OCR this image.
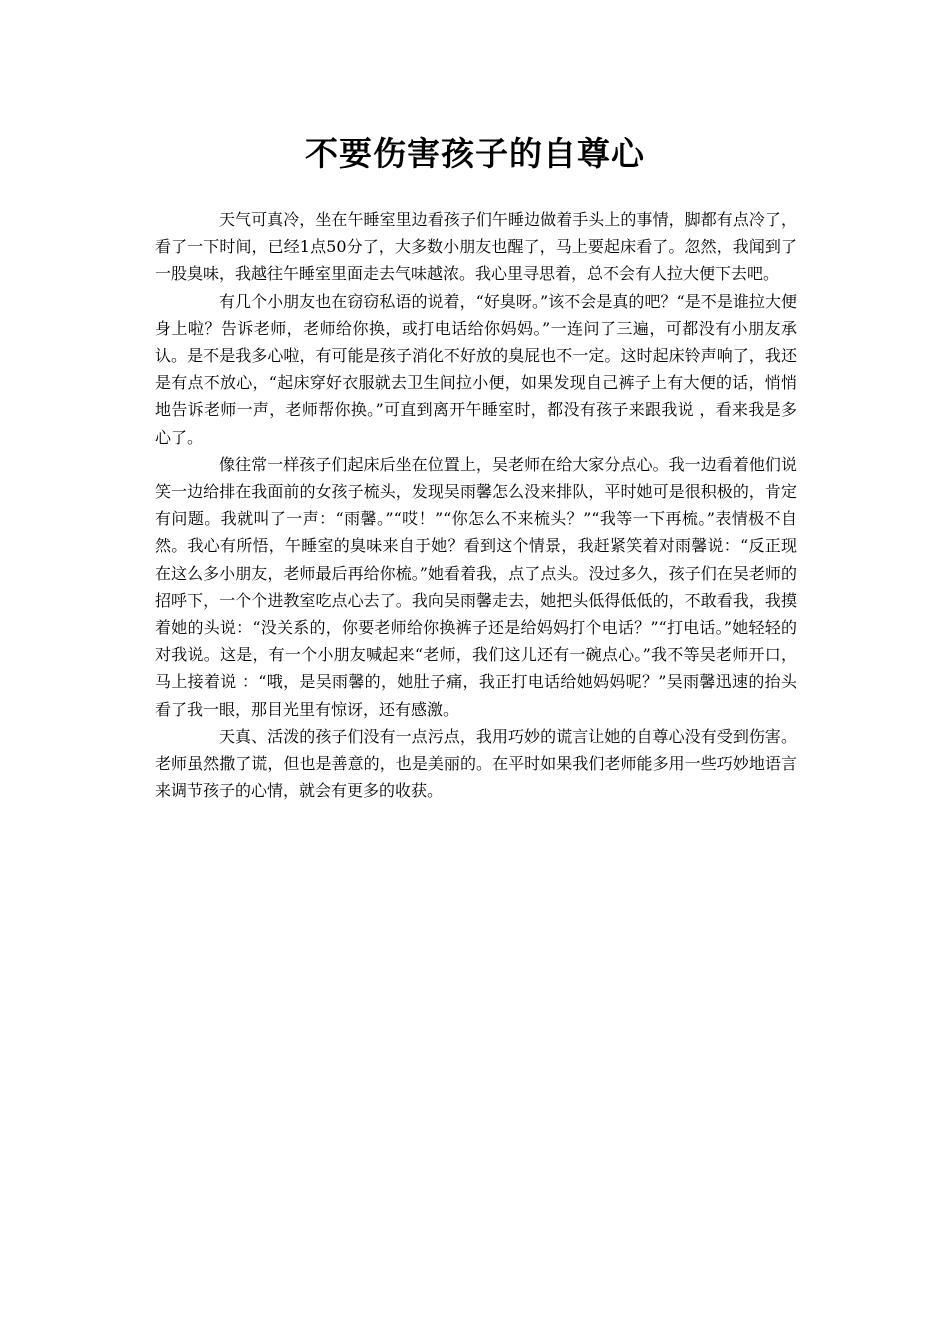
不要伤害孩子的自尊心

天气可真冷，坐在午睡室里边看孩子们午睡边做着手头上的事情，脚都有点冷了，看了一下时间，已经1点50分了，大多数小朋友也醒了，马上要起床看了。忽然，我闻到了一股臭味，我越往午睡室里面走去气味越浓。我心里寻思着，总不会有人拉大便下去吧。

有几个小朋友也在窃窃私语的说着，“好臭呀。”该不会是真的吧？“是不是谁拉大便身上啦？告诉老师，老师给你换，或打电话给你妈妈。”一连问了三遍，可都没有小朋友承认。是不是我多心啦，有可能是孩子消化不好放的臭屁也不一定。这时起床铃声响了，我还是有点不放心，“起床穿好衣服就去卫生间拉小便，如果发现自己裤子上有大便的话，悄悄地告诉老师一声，老师帮你换。”可直到离开午睡室时，都没有孩子来跟我说 ，看来我是多心了。

像往常一样孩子们起床后坐在位置上，吴老师在给大家分点心。我一边看着他们说笑一边给排在我面前的女孩子梳头，发现吴雨馨怎么没来排队，平时她可是很积极的，肯定有问题。我就叫了一声：“雨馨。”“哎！”“你怎么不来梳头？”“我等一下再梳。”表情极不自然。我心有所悟，午睡室的臭味来自于她？看到这个情景，我赶紧笑着对雨馨说：“反正现在这么多小朋友，老师最后再给你梳。”她看着我，点了点头。没过多久，孩子们在吴老师的招呼下，一个个进教室吃点心去了。我向吴雨馨走去，她把头低得低低的，不敢看我，我摸着她的头说：“没关系的，你要老师给你换裤子还是给妈妈打个电话？”“打电话。”她轻轻的对我说。这是，有一个小朋友喊起来“老师，我们这儿还有一碗点心。”我不等吴老师开口，马上接着说 ：“哦，是吴雨馨的，她肚子痛，我正打电话给她妈妈呢？”吴雨馨迅速的抬头看了我一眼，那目光里有惊讶，还有感激。

天真、活泼的孩子们没有一点污点，我用巧妙的谎言让她的自尊心没有受到伤害。老师虽然撒了谎，但也是善意的，也是美丽的。在平时如果我们老师能多用一些巧妙地语言来调节孩子的心情，就会有更多的收获。
